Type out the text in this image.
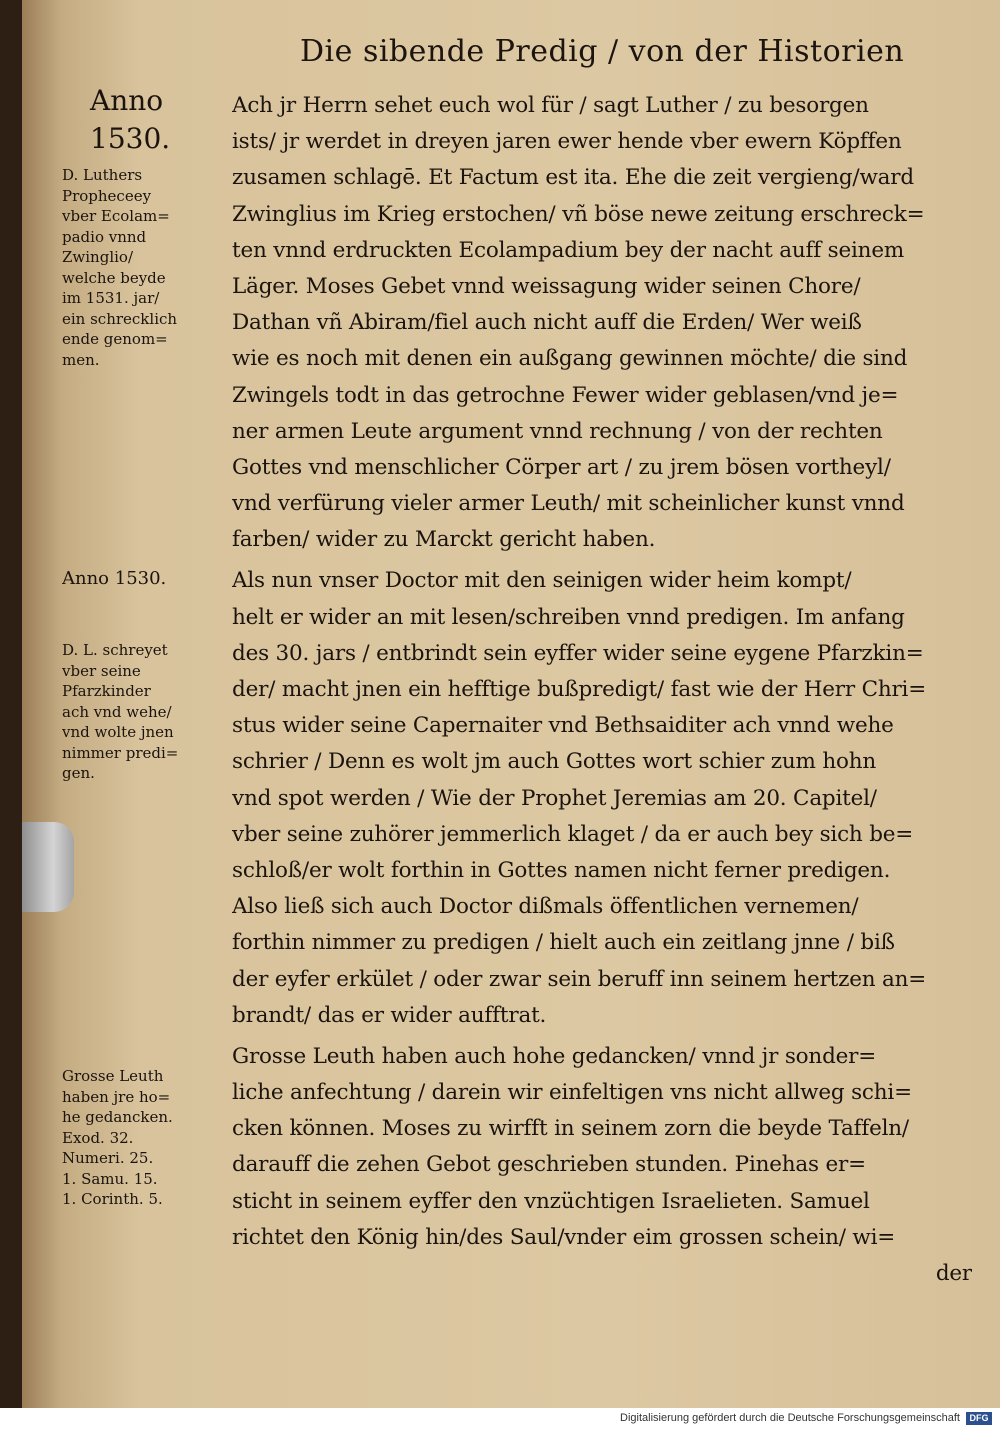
Die sibende Predig / von der Historien
Anno
1530.
D. Luthers
Propheceey
vber Ecolam=
padio vnnd
Zwinglio/
welche beyde
im 1531. jar/
ein schrecklich
ende genom=
men.
Anno 1530.
D. L. schreyet
vber seine
Pfarzkinder
ach vnd wehe/
vnd wolte jnen
nimmer predi=
gen.
Grosse Leuth
haben jre ho=
he gedancken.
Exod. 32.
Numeri. 25.
1. Samu. 15.
1. Corinth. 5.
Ach jr Herrn sehet euch wol für / sagt Luther / zu besorgen
ists/ jr werdet in dreyen jaren ewer hende vber ewern Köpffen
zusamen schlagē. Et Factum est ita. Ehe die zeit vergieng/ward
Zwinglius im Krieg erstochen/ vñ böse newe zeitung erschreck=
ten vnnd erdruckten Ecolampadium bey der nacht auff seinem
Läger. Moses Gebet vnnd weissagung wider seinen Chore/
Dathan vñ Abiram/fiel auch nicht auff die Erden/ Wer weiß
wie es noch mit denen ein außgang gewinnen möchte/ die sind
Zwingels todt in das getrochne Fewer wider geblasen/vnd je=
ner armen Leute argument vnnd rechnung / von der rechten
Gottes vnd menschlicher Cörper art / zu jrem bösen vortheyl/
vnd verfürung vieler armer Leuth/ mit scheinlicher kunst vnnd
farben/ wider zu Marckt gericht haben.
Als nun vnser Doctor mit den seinigen wider heim kompt/
helt er wider an mit lesen/schreiben vnnd predigen. Im anfang
des 30. jars / entbrindt sein eyffer wider seine eygene Pfarzkin=
der/ macht jnen ein hefftige bußpredigt/ fast wie der Herr Chri=
stus wider seine Capernaiter vnd Bethsaiditer ach vnnd wehe
schrier / Denn es wolt jm auch Gottes wort schier zum hohn
vnd spot werden / Wie der Prophet Jeremias am 20. Capitel/
vber seine zuhörer jemmerlich klaget / da er auch bey sich be=
schloß/er wolt forthin in Gottes namen nicht ferner predigen.
Also ließ sich auch Doctor dißmals öffentlichen vernemen/
forthin nimmer zu predigen / hielt auch ein zeitlang jnne / biß
der eyfer erkület / oder zwar sein beruff inn seinem hertzen an=
brandt/ das er wider aufftrat.
Grosse Leuth haben auch hohe gedancken/ vnnd jr sonder=
liche anfechtung / darein wir einfeltigen vns nicht allweg schi=
cken können. Moses zu wirfft in seinem zorn die beyde Taffeln/
darauff die zehen Gebot geschrieben stunden. Pinehas er=
sticht in seinem eyffer den vnzüchtigen Israelieten. Samuel
richtet den König hin/des Saul/vnder eim grossen schein/ wi=
der
Digitalisierung gefördert durch die Deutsche Forschungsgemeinschaft	DFG
